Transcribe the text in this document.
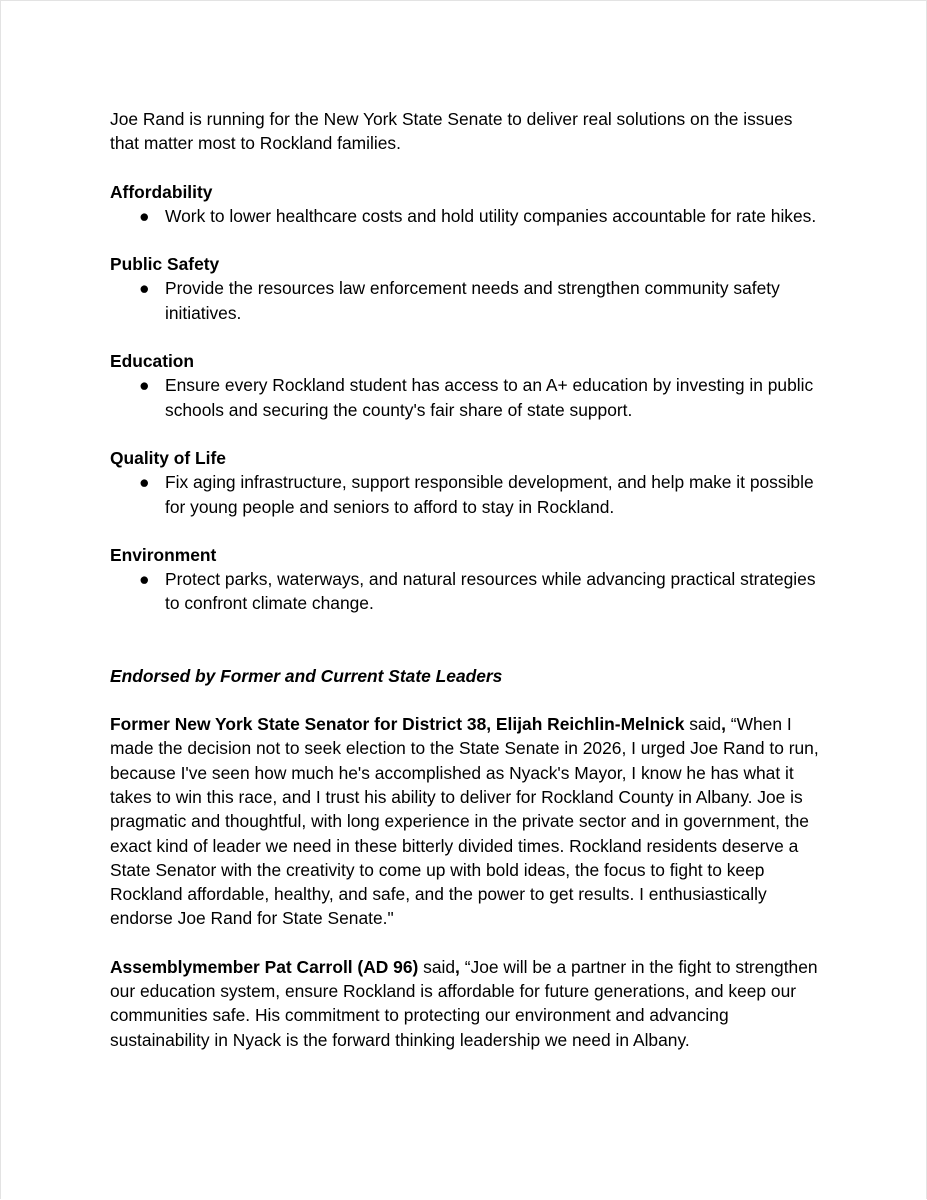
Joe Rand is running for the New York State Senate to deliver real solutions on the issues that matter most to Rockland families.

Affordability

● Work to lower healthcare costs and hold utility companies accountable for rate hikes.

Public Safety

● Provide the resources law enforcement needs and strengthen community safety initiatives.

Education

● Ensure every Rockland student has access to an A+ education by investing in public schools and securing the county's fair share of state support.

Quality of Life

● Fix aging infrastructure, support responsible development, and help make it possible for young people and seniors to afford to stay in Rockland.

Environment

● Protect parks, waterways, and natural resources while advancing practical strategies to confront climate change.

Endorsed by Former and Current State Leaders

Former New York State Senator for District 38, Elijah Reichlin-Melnick said, “When I made the decision not to seek election to the State Senate in 2026, I urged Joe Rand to run, because I've seen how much he's accomplished as Nyack's Mayor, I know he has what it takes to win this race, and I trust his ability to deliver for Rockland County in Albany. Joe is pragmatic and thoughtful, with long experience in the private sector and in government, the exact kind of leader we need in these bitterly divided times. Rockland residents deserve a State Senator with the creativity to come up with bold ideas, the focus to fight to keep Rockland affordable, healthy, and safe, and the power to get results. I enthusiastically endorse Joe Rand for State Senate."

Assemblymember Pat Carroll (AD 96) said, “Joe will be a partner in the fight to strengthen our education system, ensure Rockland is affordable for future generations, and keep our communities safe. His commitment to protecting our environment and advancing sustainability in Nyack is the forward thinking leadership we need in Albany.
